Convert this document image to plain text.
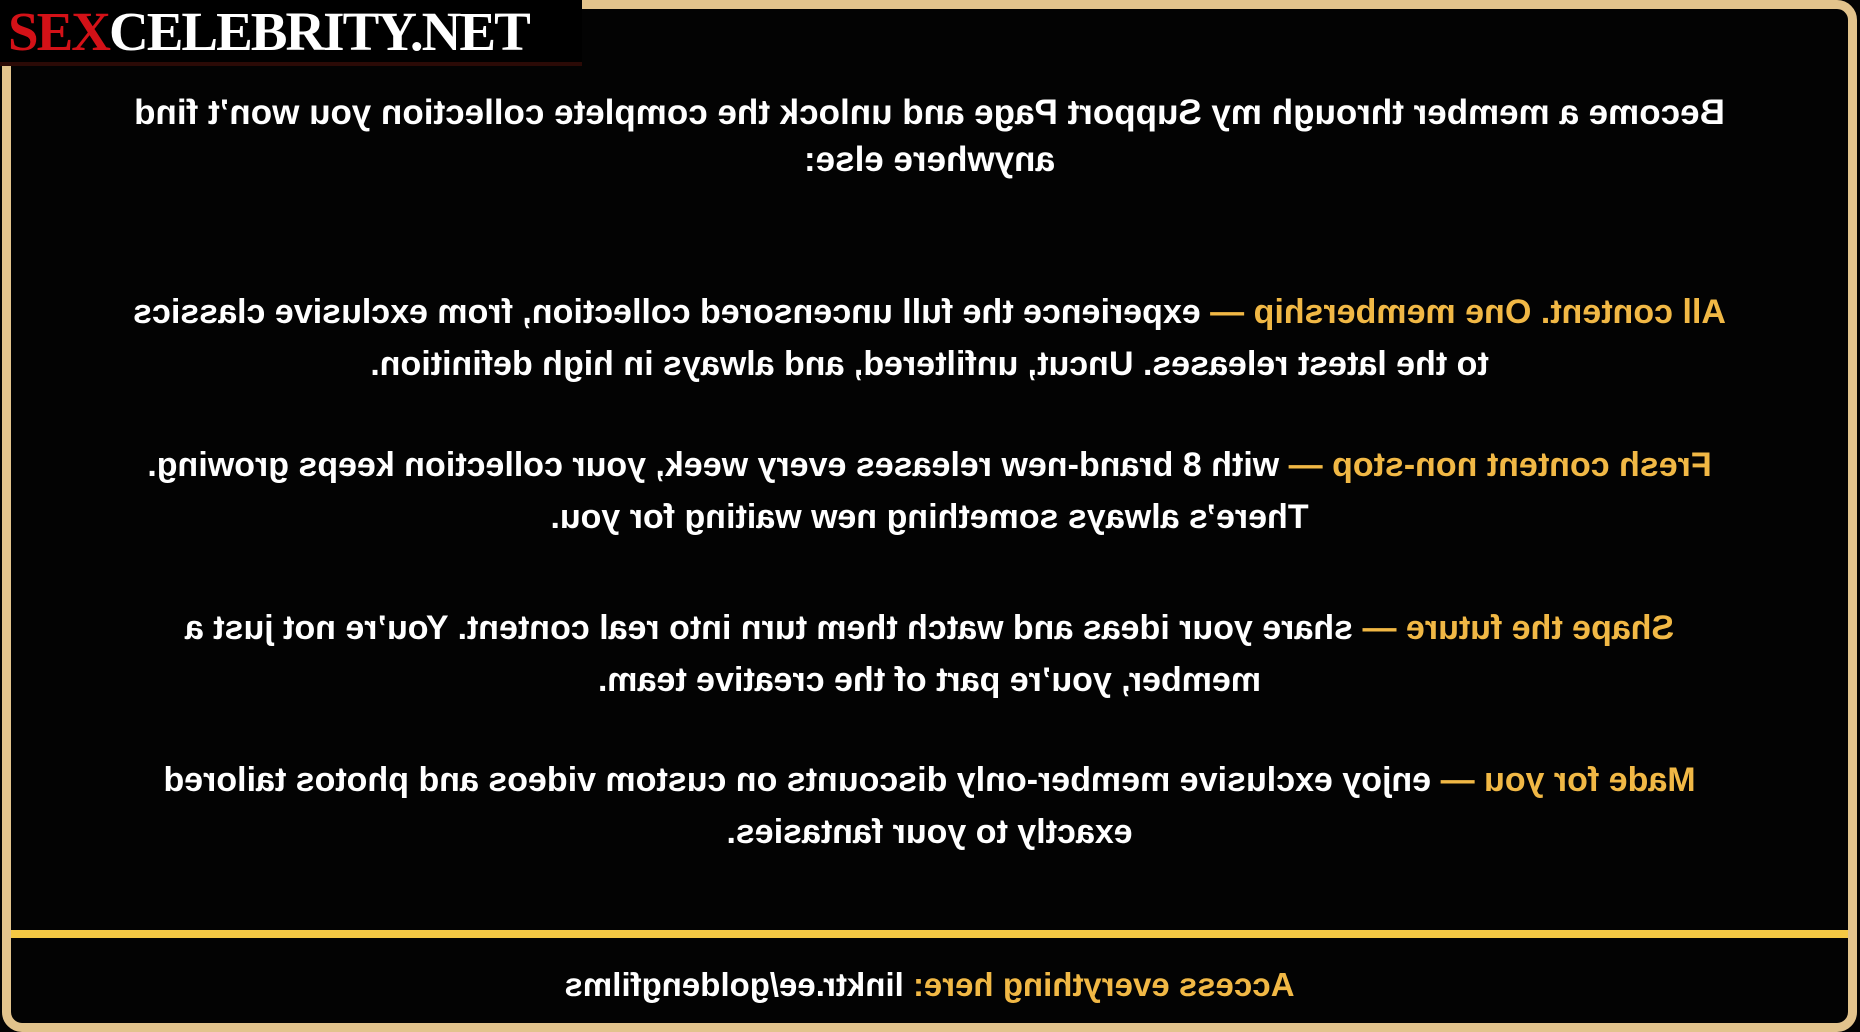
SEXCELEBRITY.NET
Become a member through my Support Page and unlock the complete collection you won’t find
anywhere else:
All content. One membership — experience the full uncensored collection, from exclusive classics
to the latest releases. Uncut, unfiltered, and always in high definition.
Fresh content non-stop — with 8 brand-new releases every week, your collection keeps growing.
There’s always something new waiting for you.
Shape the future — share your ideas and watch them turn into real content. You’re not just a
member, you’re part of the creative team.
Made for you — enjoy exclusive member-only discounts on custom videos and photos tailored
exactly to your fantasies.
Access everything here: linktr.ee/goldengfilms
